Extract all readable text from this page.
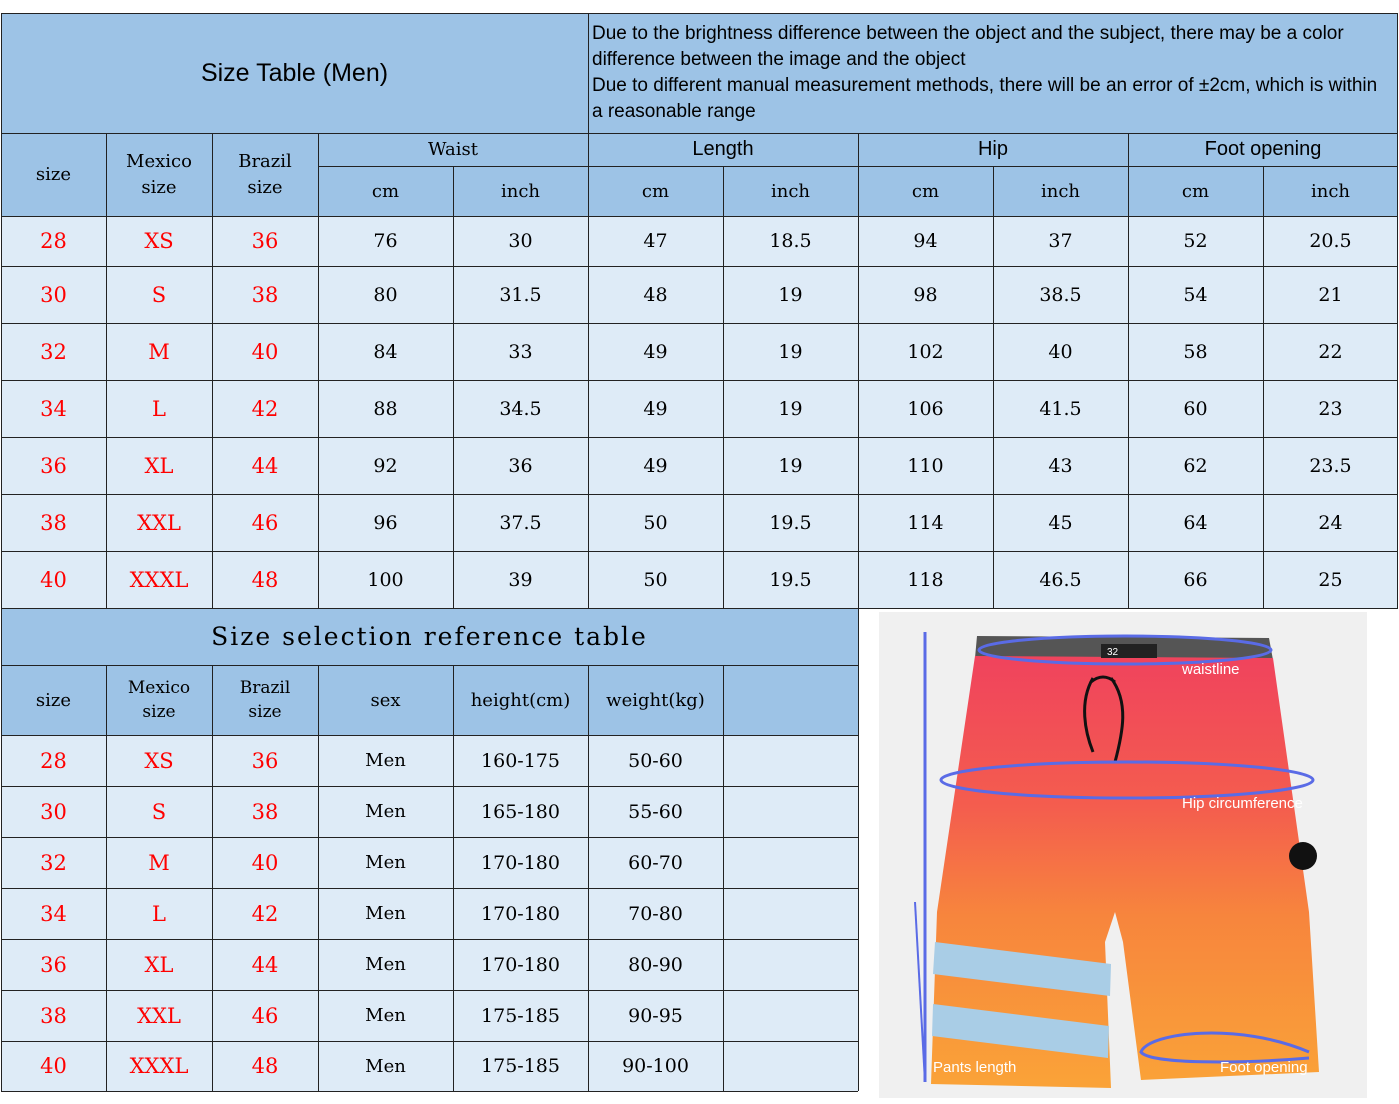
Size Table (Men)
Due to the brightness difference between the object and the subject, there may be a color difference between the image and the object
Due to different manual measurement methods, there will be an error of ±2cm, which is within a reasonable range
size
Mexico
size
Brazil
size
Waist	Length	Hip	Foot opening
cm	inch	cm	inch	cm	inch	cm	inch
28	XS	36	76	30	47	18.5	94	37	52	20.5
30	S	38	80	31.5	48	19	98	38.5	54	21
32	M	40	84	33	49	19	102	40	58	22
34	L	42	88	34.5	49	19	106	41.5	60	23
36	XL	44	92	36	49	19	110	43	62	23.5
38	XXL	46	96	37.5	50	19.5	114	45	64	24
40	XXXL	48	100	39	50	19.5	118	46.5	66	25
Size selection reference table
size
Mexico
size
Brazil
size
sex	height(cm) weight(kg)
28	XS	36	Men	160-175	50-60
30	S	38	Men	165-180	55-60
32	M	40	Men	170-180	60-70
34	L	42	Men	170-180	70-80
36	XL	44	Men	170-180	80-90
38	XXL	46	Men	175-185	90-95
40	XXXL	48	Men	175-185	90-100
32
waistline
Hip circumference
Pants length	Foot opening
